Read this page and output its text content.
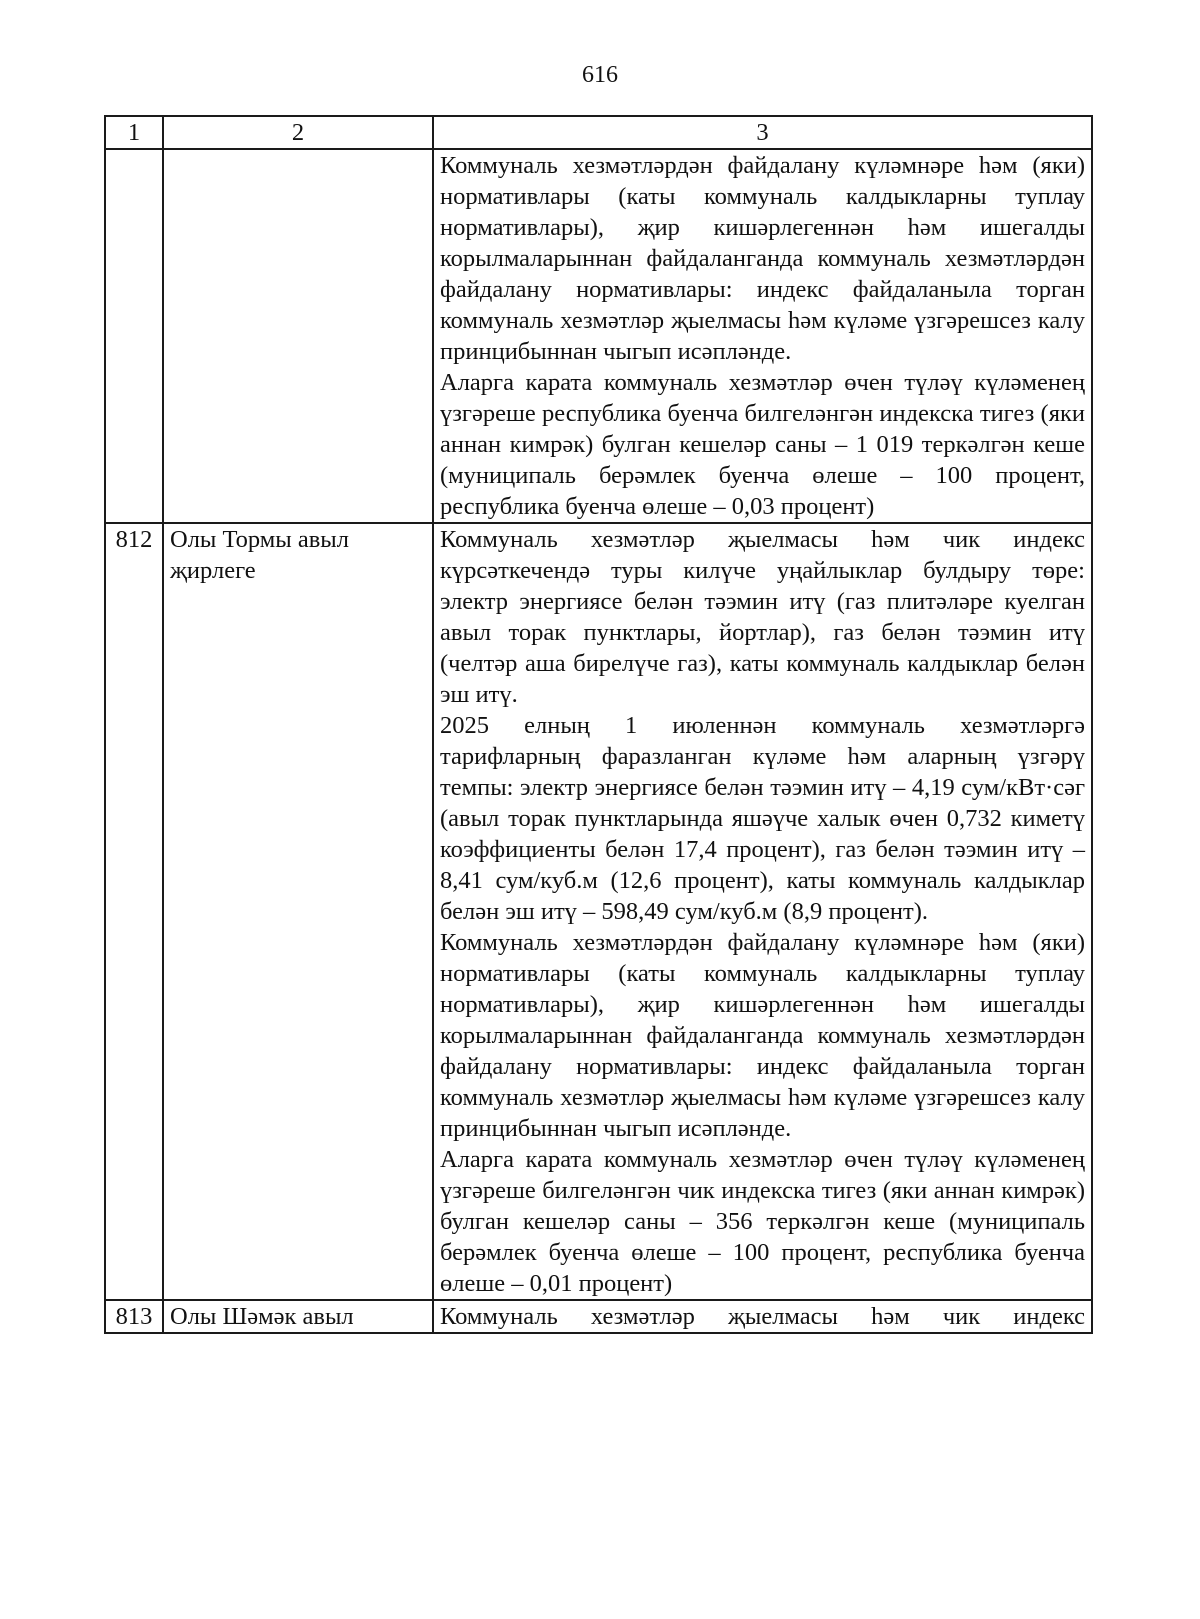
616
1	2	3

		Коммуналь хезмәтләрдән файдалану күләмнәре һәм (яки) нормативлары (каты коммуналь калдыкларны туплау нормативлары), җир кишәрлегеннән һәм ишегалды корылмаларыннан файдаланганда коммуналь хезмәтләрдән файдалану нормативлары: индекс файдаланыла торган коммуналь хезмәтләр җыелмасы һәм күләме үзгәрешсез калу принцибыннан чыгып исәпләнде.

Аларга карата коммуналь хезмәтләр өчен түләү күләменең үзгәреше республика буенча билгеләнгән индекска тигез (яки аннан кимрәк) булган кешеләр саны – 1 019 теркәлгән кеше (муниципаль берәмлек буенча өлеше – 100 процент, республика буенча өлеше – 0,03 процент)

812	Олы Тормы авыл җирлеге	Коммуналь хезмәтләр җыелмасы һәм чик индекс күрсәткечендә туры килүче уңайлыклар булдыру төре: электр энергиясе белән тәэмин итү (газ плитәләре куелган авыл торак пунктлары, йортлар), газ белән тәэмин итү (челтәр аша бирелүче газ), каты коммуналь калдыклар белән эш итү.

2025 елның 1 июленнән коммуналь хезмәтләргә тарифларның фаразланган күләме һәм аларның үзгәрү темпы: электр энергиясе белән тәэмин итү – 4,19 сум/кВт·сәг (авыл торак пунктларында яшәүче халык өчен 0,732 киметү коэффициенты белән 17,4 процент), газ белән тәэмин итү – 8,41 сум/куб.м (12,6 процент), каты коммуналь калдыклар белән эш итү – 598,49 сум/куб.м (8,9 процент).

Коммуналь хезмәтләрдән файдалану күләмнәре һәм (яки) нормативлары (каты коммуналь калдыкларны туплау нормативлары), җир кишәрлегеннән һәм ишегалды корылмаларыннан файдаланганда коммуналь хезмәтләрдән файдалану нормативлары: индекс файдаланыла торган коммуналь хезмәтләр җыелмасы һәм күләме үзгәрешсез калу принцибыннан чыгып исәпләнде.

Аларга карата коммуналь хезмәтләр өчен түләү күләменең үзгәреше билгеләнгән чик индекска тигез (яки аннан кимрәк) булган кешеләр саны – 356 теркәлгән кеше (муниципаль берәмлек буенча өлеше – 100 процент, республика буенча өлеше – 0,01 процент)

813	Олы Шәмәк авыл	Коммуналь хезмәтләр җыелмасы һәм чик индекс
